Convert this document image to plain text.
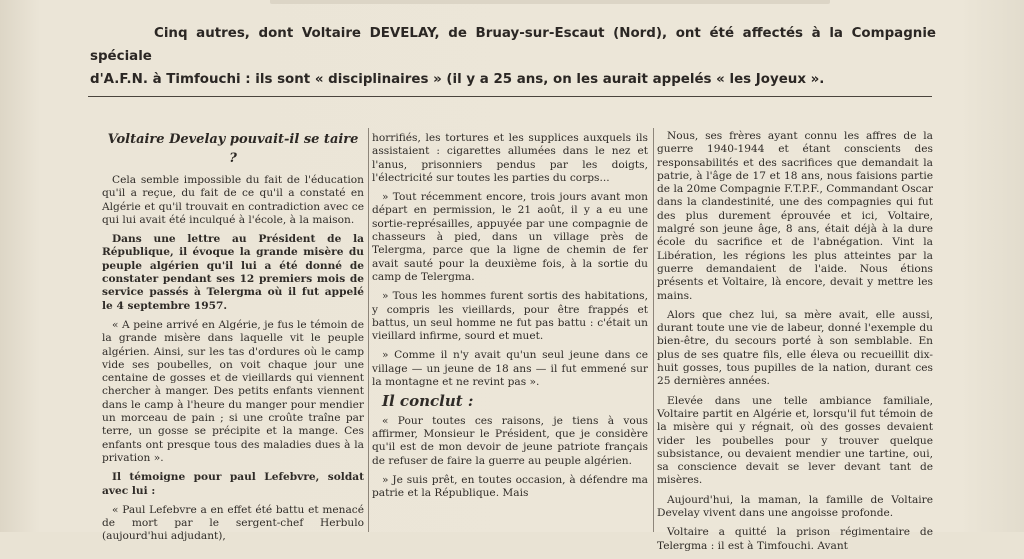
Cinq autres, dont Voltaire DEVELAY, de Bruay-sur-Escaut (Nord), ont été affectés à la Compagnie spéciale

d'A.F.N. à Timfouchi : ils sont « disciplinaires » (il y a 25 ans, on les aurait appelés « les Joyeux ».

Voltaire Develay pouvait-il se taire ?

Cela semble impossible du fait de l'éducation qu'il a reçue, du fait de ce qu'il a constaté en Algérie et qu'il trouvait en contradiction avec ce qui lui avait été inculqué à l'école, à la maison.

Dans une lettre au Président de la République, il évoque la grande misère du peuple algérien qu'il lui a été donné de constater pendant ses 12 premiers mois de service passés à Telergma où il fut appelé le 4 septembre 1957.

« A peine arrivé en Algérie, je fus le témoin de la grande misère dans laquelle vit le peuple algérien. Ainsi, sur les tas d'ordures où le camp vide ses poubelles, on voit chaque jour une centaine de gosses et de vieillards qui viennent chercher à manger. Des petits enfants viennent dans le camp à l'heure du manger pour mendier un morceau de pain ; si une croûte traîne par terre, un gosse se précipite et la mange. Ces enfants ont presque tous des maladies dues à la privation ».

Il témoigne pour paul Lefebvre, soldat avec lui :

« Paul Lefebvre a en effet été battu et menacé de mort par le sergent-chef Herbulo (aujourd'hui adjudant),

horrifiés, les tortures et les supplices auxquels ils assistaient : cigarettes allumées dans le nez et l'anus, prisonniers pendus par les doigts, l'électricité sur toutes les parties du corps...

» Tout récemment encore, trois jours avant mon départ en permission, le 21 août, il y a eu une sortie-représailles, appuyée par une compagnie de chasseurs à pied, dans un village près de Telergma, parce que la ligne de chemin de fer avait sauté pour la deuxième fois, à la sortie du camp de Telergma.

» Tous les hommes furent sortis des habitations, y compris les vieillards, pour être frappés et battus, un seul homme ne fut pas battu : c'était un vieillard infirme, sourd et muet.

» Comme il n'y avait qu'un seul jeune dans ce village — un jeune de 18 ans — il fut emmené sur la montagne et ne revint pas ».

Il conclut :

« Pour toutes ces raisons, je tiens à vous affirmer, Monsieur le Président, que je considère qu'il est de mon devoir de jeune patriote français de refuser de faire la guerre au peuple algérien.

» Je suis prêt, en toutes occasion, à défendre ma patrie et la République. Mais

Nous, ses frères ayant connu les affres de la guerre 1940-1944 et étant conscients des responsabilités et des sacrifices que demandait la patrie, à l'âge de 17 et 18 ans, nous faisions partie de la 20me Compagnie F.T.P.F., Commandant Oscar dans la clandestinité, une des compagnies qui fut des plus durement éprouvée et ici, Voltaire, malgré son jeune âge, 8 ans, était déjà à la dure école du sacrifice et de l'abnégation. Vint la Libération, les régions les plus atteintes par la guerre demandaient de l'aide. Nous étions présents et Voltaire, là encore, devait y mettre les mains.

Alors que chez lui, sa mère avait, elle aussi, durant toute une vie de labeur, donné l'exemple du bien-être, du secours porté à son semblable. En plus de ses quatre fils, elle éleva ou recueillit dix-huit gosses, tous pupilles de la nation, durant ces 25 dernières années.

Elevée dans une telle ambiance familiale, Voltaire partit en Algérie et, lorsqu'il fut témoin de la misère qui y régnait, où des gosses devaient vider les poubelles pour y trouver quelque subsistance, ou devaient mendier une tartine, oui, sa conscience devait se lever devant tant de misères.

Aujourd'hui, la maman, la famille de Voltaire Develay vivent dans une angoisse profonde.

Voltaire a quitté la prison régimentaire de Telergma : il est à Timfouchi. Avant
